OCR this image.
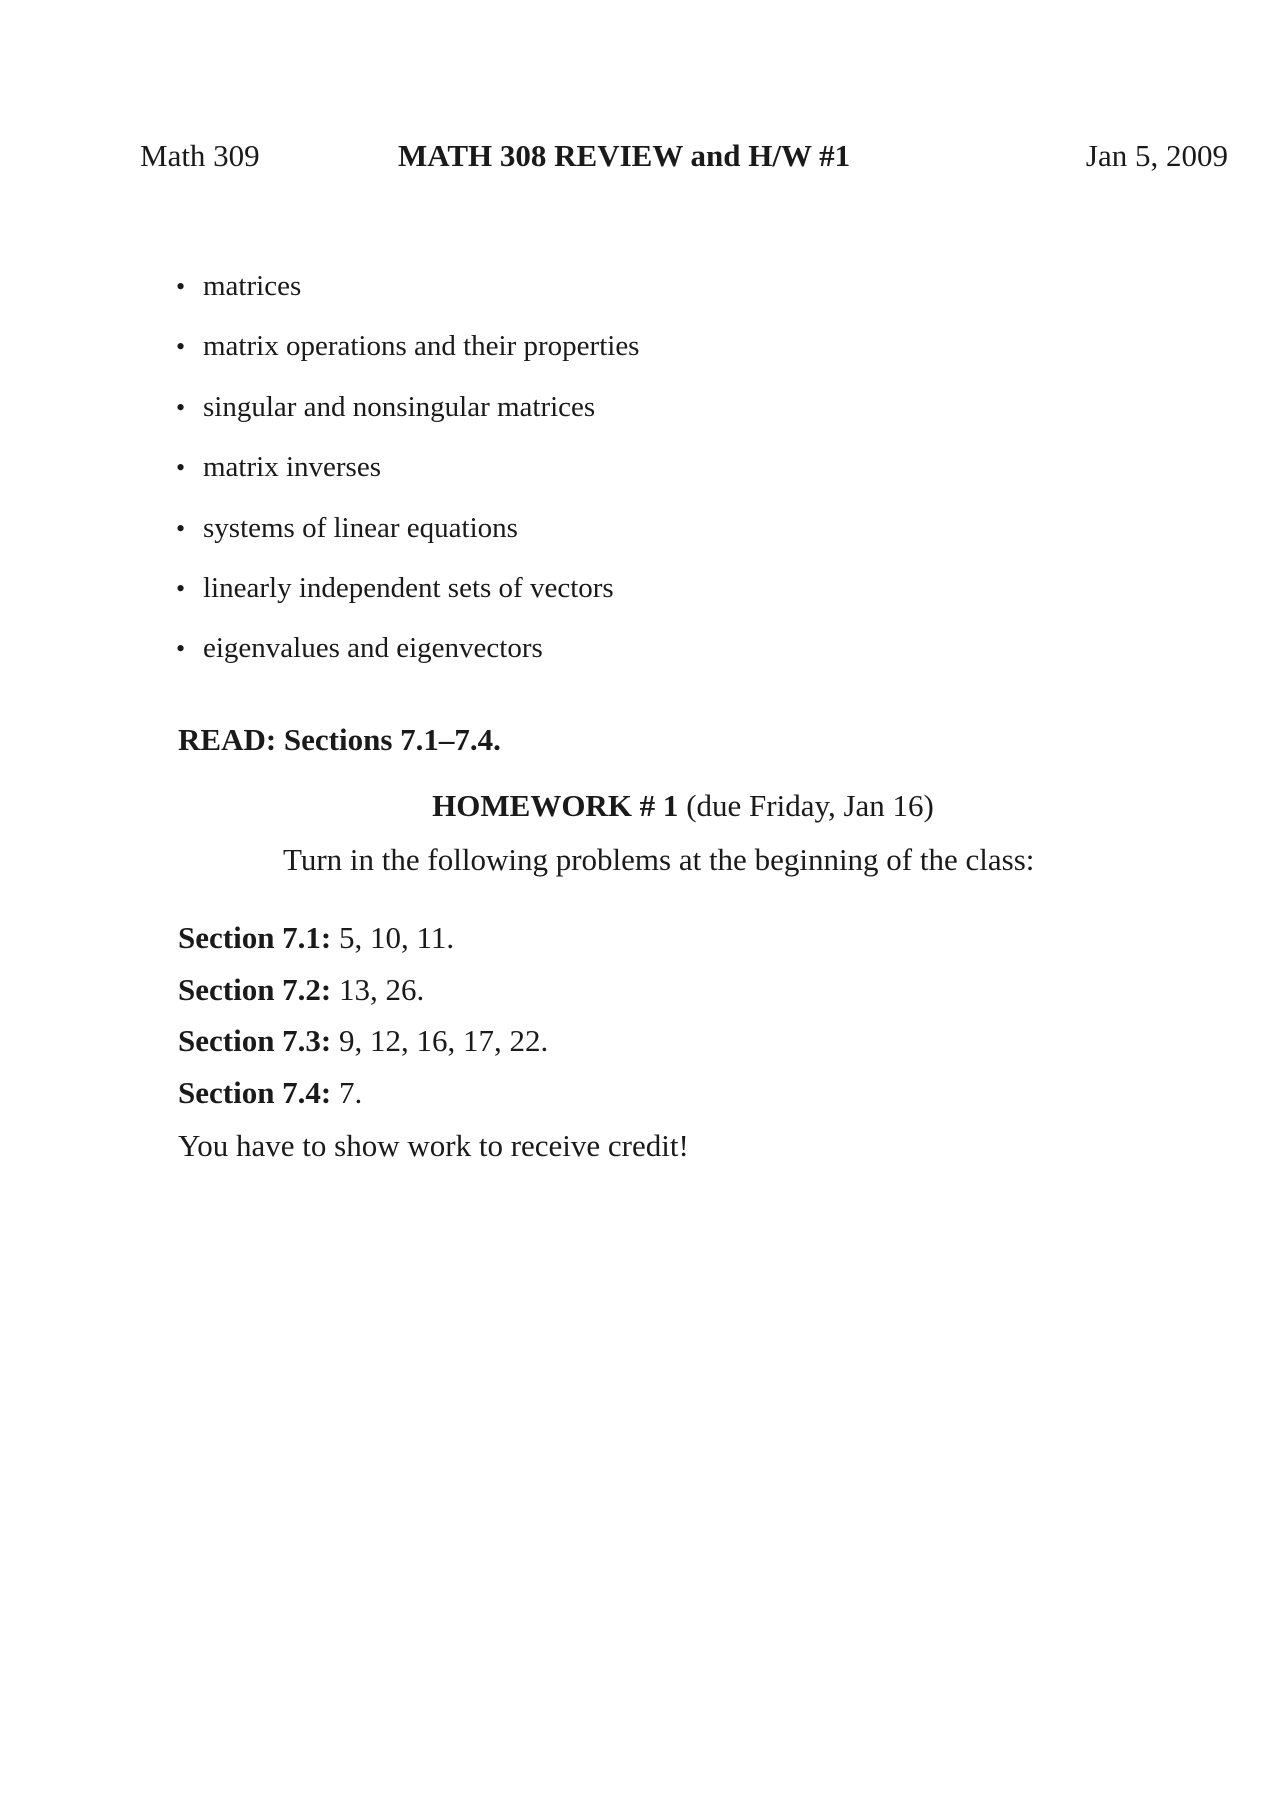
Math 309	MATH 308 REVIEW and H/W #1	Jan 5, 2009
• matrices
• matrix operations and their properties
• singular and nonsingular matrices
• matrix inverses
• systems of linear equations
• linearly independent sets of vectors
• eigenvalues and eigenvectors
READ: Sections 7.1–7.4.
HOMEWORK # 1 (due Friday, Jan 16)
Turn in the following problems at the beginning of the class:
Section 7.1: 5, 10, 11.
Section 7.2: 13, 26.
Section 7.3: 9, 12, 16, 17, 22.
Section 7.4: 7.
You have to show work to receive credit!
